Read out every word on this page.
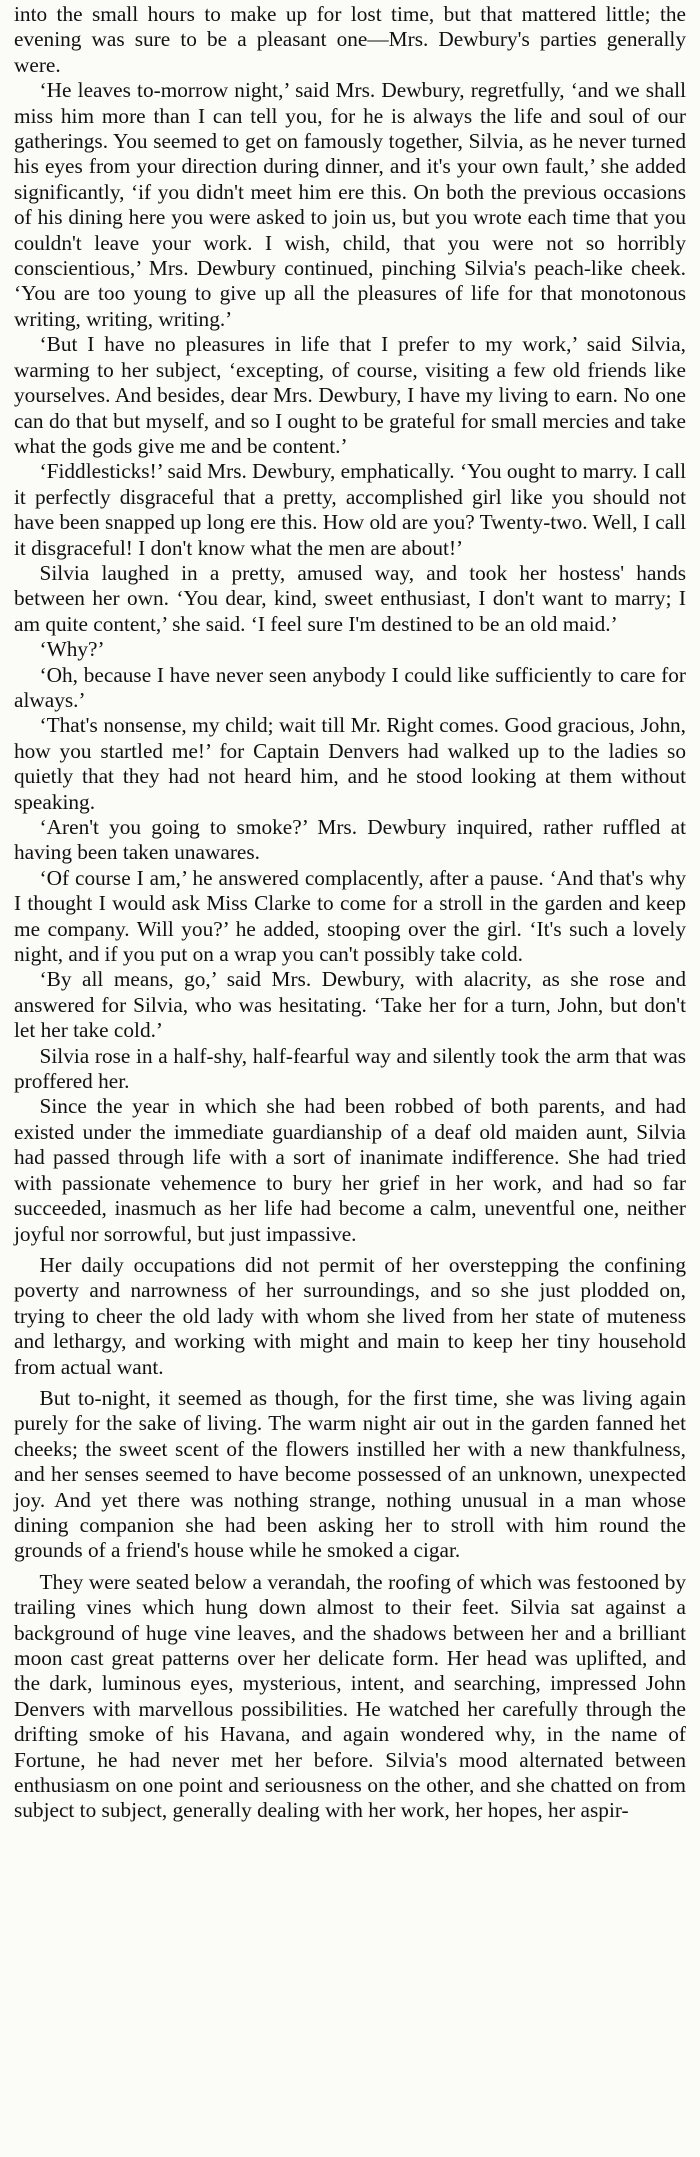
into the small hours to make up for lost time, but that mattered little; the evening was sure to be a pleasant one—Mrs. Dewbury's parties generally were.

‘He leaves to-morrow night,’ said Mrs. Dewbury, regretfully, ‘and we shall miss him more than I can tell you, for he is always the life and soul of our gatherings. You seemed to get on famously together, Silvia, as he never turned his eyes from your direction during dinner, and it's your own fault,’ she added significantly, ‘if you didn't meet him ere this. On both the previous occasions of his dining here you were asked to join us, but you wrote each time that you couldn't leave your work. I wish, child, that you were not so horribly conscientious,’ Mrs. Dewbury continued, pinching Silvia's peach-like cheek. ‘You are too young to give up all the pleasures of life for that monotonous writing, writing, writing.’

‘But I have no pleasures in life that I prefer to my work,’ said Silvia, warming to her subject, ‘excepting, of course, visiting a few old friends like yourselves. And besides, dear Mrs. Dewbury, I have my living to earn. No one can do that but myself, and so I ought to be grateful for small mercies and take what the gods give me and be content.’

‘Fiddlesticks!’ said Mrs. Dewbury, emphatically. ‘You ought to marry. I call it perfectly disgraceful that a pretty, accomplished girl like you should not have been snapped up long ere this. How old are you? Twenty-two. Well, I call it disgraceful! I don't know what the men are about!’

Silvia laughed in a pretty, amused way, and took her hostess' hands between her own. ‘You dear, kind, sweet enthusiast, I don't want to marry; I am quite content,’ she said. ‘I feel sure I'm destined to be an old maid.’

‘Why?’

‘Oh, because I have never seen anybody I could like sufficiently to care for always.’

‘That's nonsense, my child; wait till Mr. Right comes. Good gracious, John, how you startled me!’ for Captain Denvers had walked up to the ladies so quietly that they had not heard him, and he stood looking at them without speaking.

‘Aren't you going to smoke?’ Mrs. Dewbury inquired, rather ruffled at having been taken unawares.

‘Of course I am,’ he answered complacently, after a pause. ‘And that's why I thought I would ask Miss Clarke to come for a stroll in the garden and keep me company. Will you?’ he added, stooping over the girl. ‘It's such a lovely night, and if you put on a wrap you can't possibly take cold.

‘By all means, go,’ said Mrs. Dewbury, with alacrity, as she rose and answered for Silvia, who was hesitating. ‘Take her for a turn, John, but don't let her take cold.’

Silvia rose in a half-shy, half-fearful way and silently took the arm that was proffered her.

Since the year in which she had been robbed of both parents, and had existed under the immediate guardianship of a deaf old maiden aunt, Silvia had passed through life with a sort of inanimate indifference. She had tried with passionate vehemence to bury her grief in her work, and had so far succeeded, inasmuch as her life had become a calm, uneventful one, neither joyful nor sorrowful, but just impassive.

Her daily occupations did not permit of her overstepping the confining poverty and narrowness of her surroundings, and so she just plodded on, trying to cheer the old lady with whom she lived from her state of muteness and lethargy, and working with might and main to keep her tiny household from actual want.

But to-night, it seemed as though, for the first time, she was living again purely for the sake of living. The warm night air out in the garden fanned het cheeks; the sweet scent of the flowers instilled her with a new thankfulness, and her senses seemed to have become possessed of an unknown, unexpected joy. And yet there was nothing strange, nothing unusual in a man whose dining companion she had been asking her to stroll with him round the grounds of a friend's house while he smoked a cigar.

They were seated below a verandah, the roofing of which was festooned by trailing vines which hung down almost to their feet. Silvia sat against a background of huge vine leaves, and the shadows between her and a brilliant moon cast great patterns over her delicate form. Her head was uplifted, and the dark, luminous eyes, mysterious, intent, and searching, impressed John Denvers with marvellous possibilities. He watched her carefully through the drifting smoke of his Havana, and again wondered why, in the name of Fortune, he had never met her before. Silvia's mood alternated between enthusiasm on one point and seriousness on the other, and she chatted on from subject to subject, generally dealing with her work, her hopes, her aspir-
